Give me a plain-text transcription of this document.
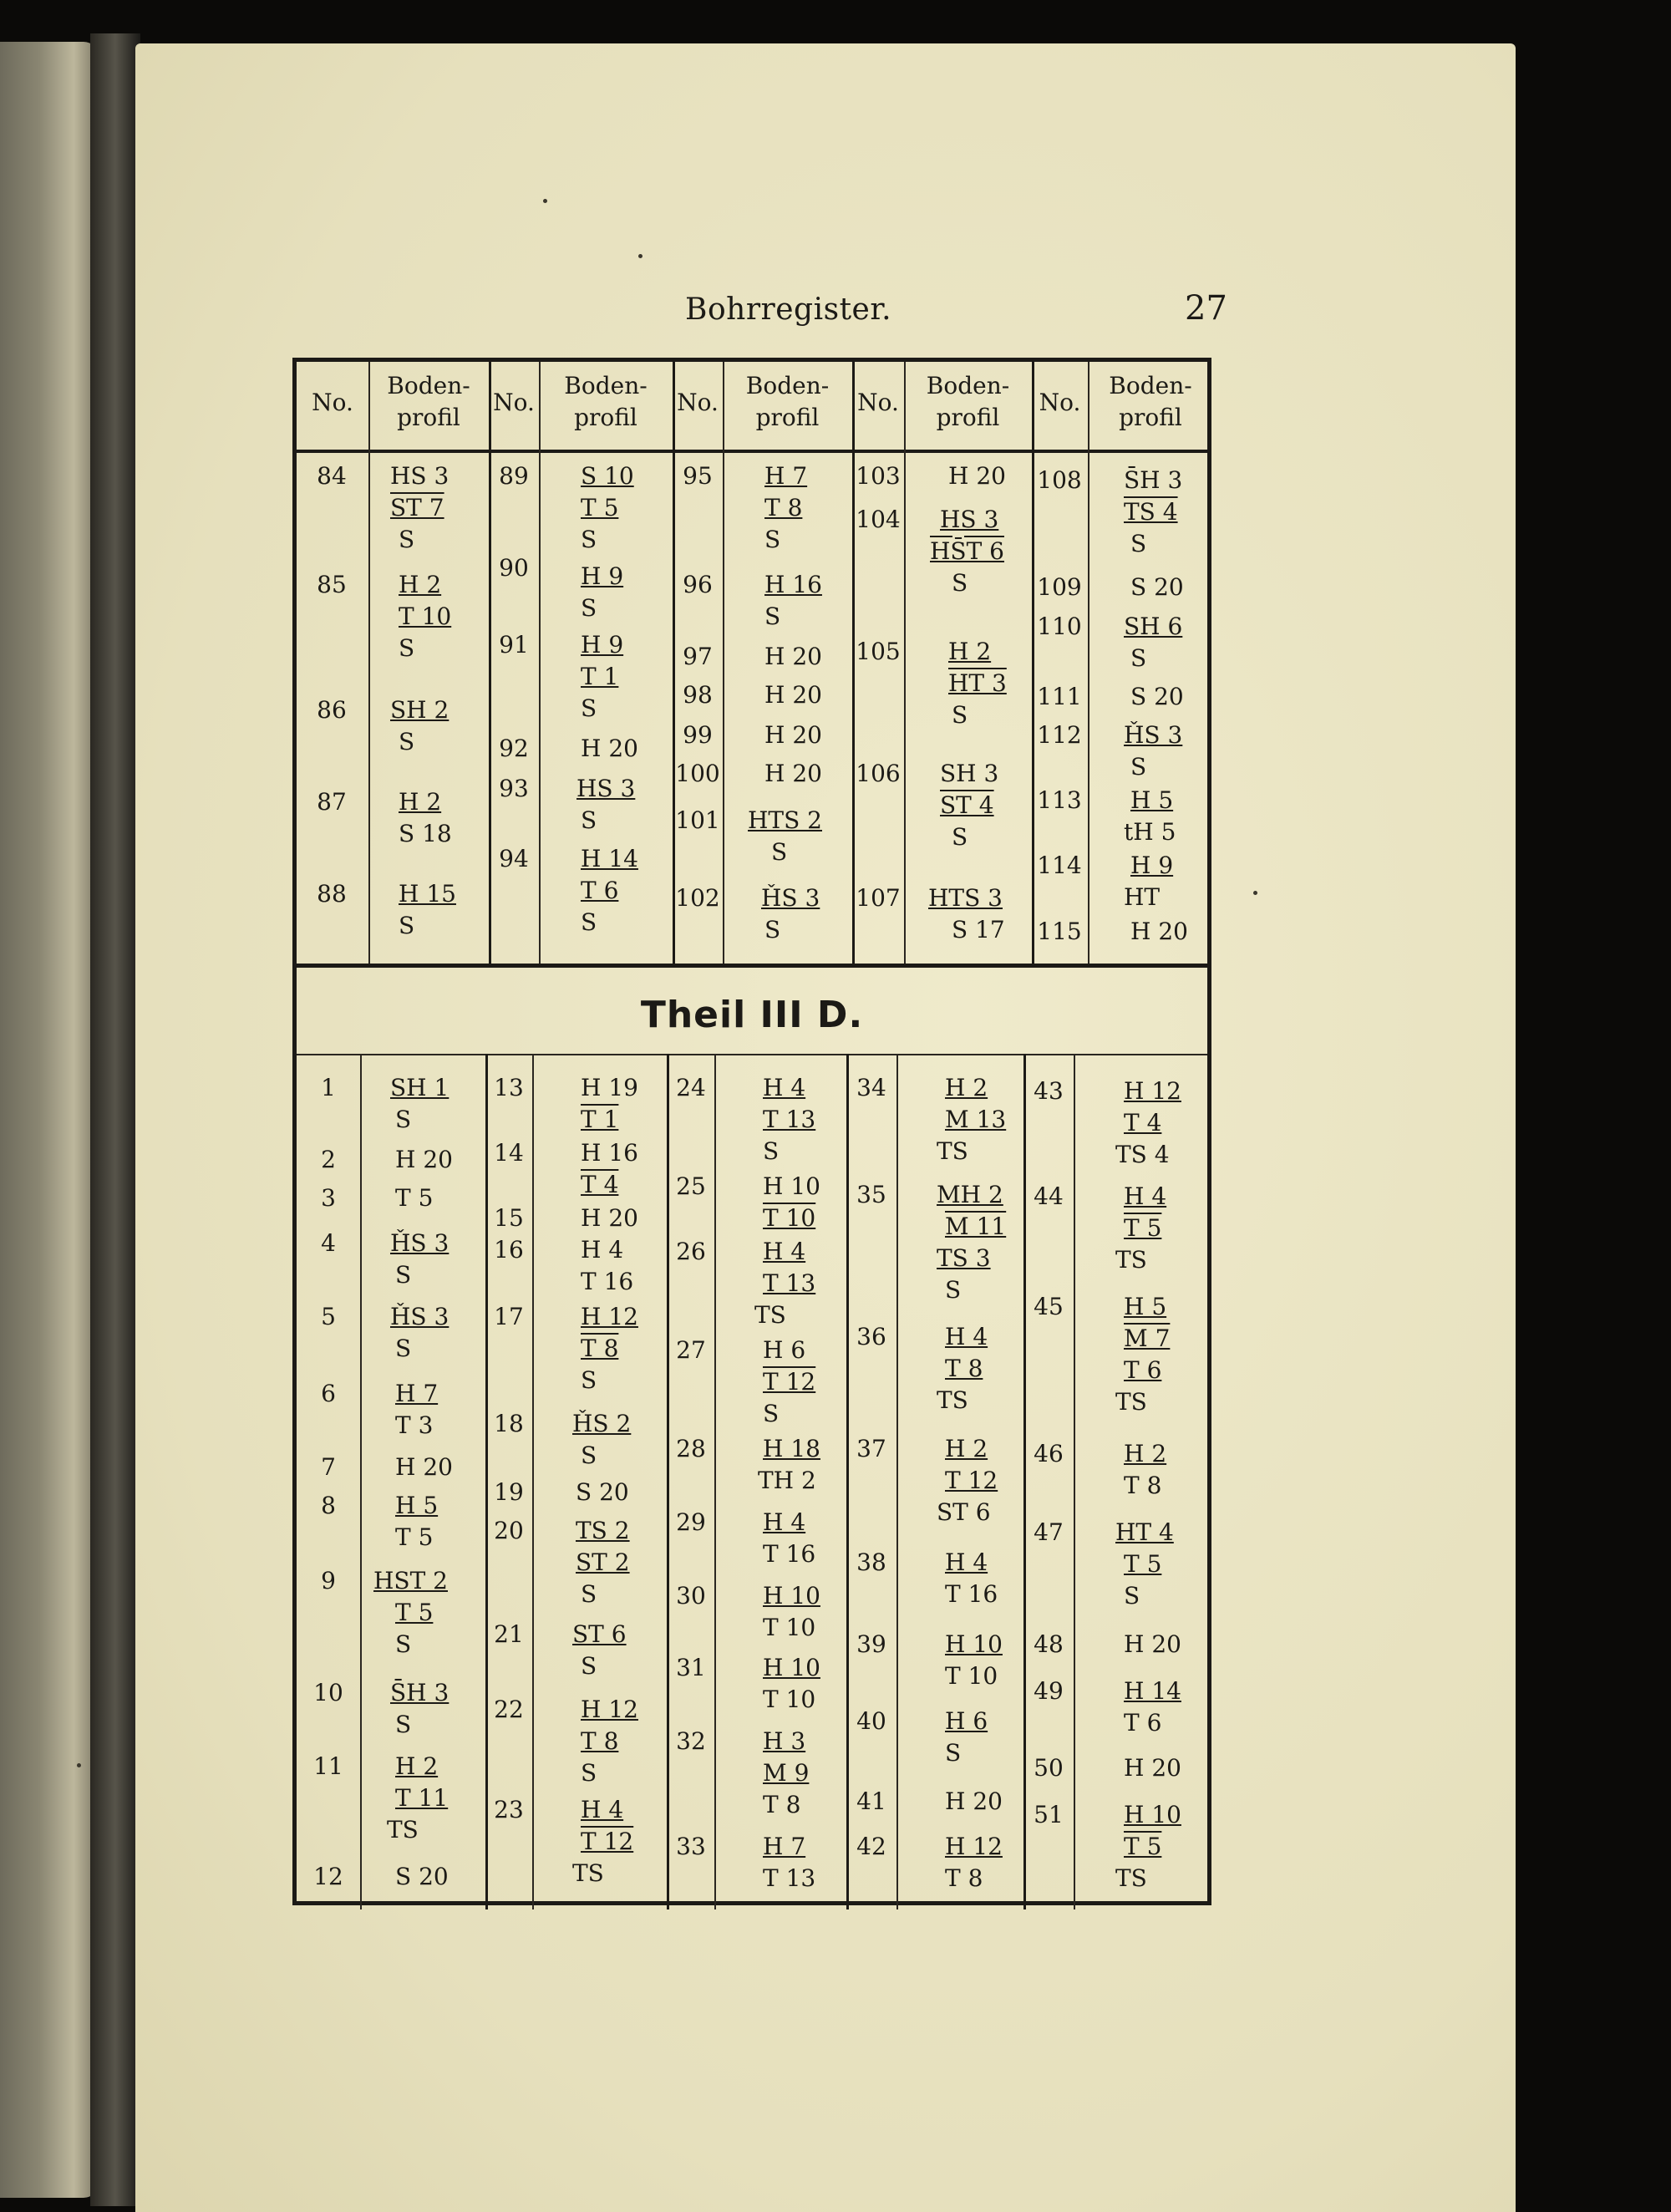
Bohrregister.	27
No.
Boden-
profil
No.
Boden-
profil
No.
Boden-
profil
No.
Boden-
profil
No.
Boden-
profil
84
85
86
87
88
89
90
91
92
93
94
95
96
97
98
99
100
101
102
103
104
105
106
107
108
109
110
111
112
113
114
115
HS 3
ST 7
S
H 2
T 10
S
SH 2
S
H 2
S 18
H 15
S
S 10
T 5
S
H 9
S
H 9
T 1
S
H 20
HS 3
S
H 14
T 6
S
H 7
T 8
S
H 16
S
H 20
H 20
H 20
H 20
HTS 2
S
ȞS 3
S
H 20
HS 3
HS̄T 6
S
H 2
HT 3
S
SH 3
ST 4
S
HTS 3
S 17
S̄H 3
TS 4
S
S 20
SH 6
S
S 20
ȞS 3
S
H 5
tH 5
H 9
HT
H 20
Theil III D.
1
2
3
4
5
6
7
8
9
10
11
12
13
14
15
16
17
18
19
20
21
22
23
24
25
26
27
28
29
30
31
32
33
34
35
36
37
38
39
40
41
42
43
44
45
46
47
48
49
50
51
SH 1
S
H 20
T 5
ȞS 3
S
ȞS 3
S
H 7
T 3
H 20
H 5
T 5
HST 2
T 5
S
S̄H 3
S
H 2
T 11
TS
S 20
H 19
T 1
H 16
T 4
H 20
H 4
T 16
H 12
T 8
S
ȞS 2
S
S 20
TS 2
ST 2
S
ST 6
S
H 12
T 8
S
H 4
T 12
TS
H 4
T 13
S
H 10
T 10
H 4
T 13
TS
H 6
T 12
S
H 18
TH 2
H 4
T 16
H 10
T 10
H 10
T 10
H 3
M 9
T 8
H 7
T 13
H 2
M 13
TS
MH 2
M 11
TS 3
S
H 4
T 8
TS
H 2
T 12
ST 6
H 4
T 16
H 10
T 10
H 6
S
H 20
H 12
T 8
H 12
T 4
TS 4
H 4
T 5
TS
H 5
M 7
T 6
TS
H 2
T 8
HT 4
T 5
S
H 20
H 14
T 6
H 20
H 10
T 5
TS
